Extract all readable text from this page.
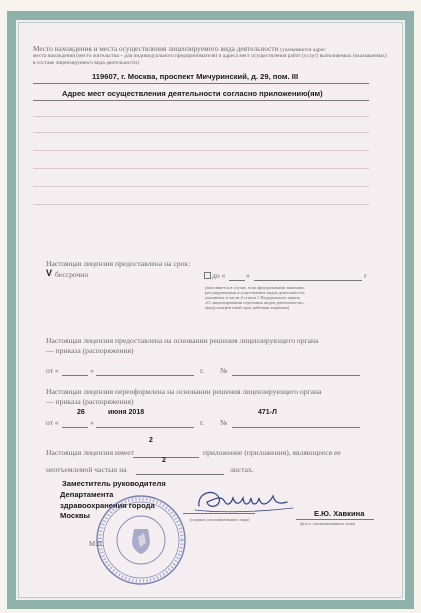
Место нахождения и места осуществления лицензируемого вида деятельности (указываются адрес
места нахождения (место жительства – для индивидуального предпринимателя) и адреса мест осуществления работ (услуг) выполняемых (оказываемых)
в составе лицензируемого вида деятельности)
119607, г. Москва, проспект Мичуринский, д. 29, пом. III
Адрес мест осуществления деятельности согласно приложению(ям)
Настоящая лицензия предоставлена на срок:
V бессрочно	до «	»	г
(заполняется в случае, если федеральными законами,
регулирующими осуществление видов деятельности,
указанных в части 4 статьи 1 Федерального закона
«О лицензировании отдельных видов деятельности»,
предусмотрен иной срок действия лицензии)
Настоящая лицензия предоставлена на основании решения лицензирующего органа
— приказа (распоряжения)
от «	»	г. №
Настоящая лицензия переоформлена на основании решения лицензирующего органа
— приказа (распоряжения)
26	июня 2018	471-Л
от «	»	г. №
2
Настоящая лицензия имеет	приложение (приложения), являющееся ее
2
неотъемлемой частью на	листах.
Заместитель руководителя
Департамента
здравоохранения города
Москвы	(подпись уполномоченного лица)
Е.Ю. Хавкина
(ф.и.о. уполномоченного лица)
М.П.
